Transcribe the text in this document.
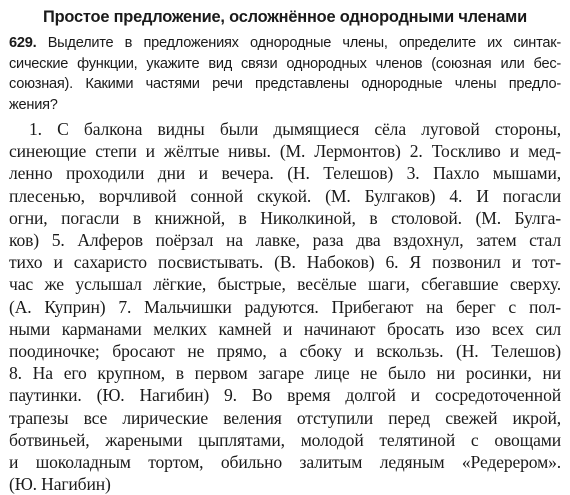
Простое предложение, осложнённое однородными членами
629. Выделите в предложениях однородные члены, определите их синтак-
сические функции, укажите вид связи однородных членов (союзная или бес-
союзная). Какими частями речи представлены однородные члены предло-
жения?
1. С балкона видны были дымящиеся сёла луговой стороны,
синеющие степи и жёлтые нивы. (М. Лермонтов) 2. Тоскливо и мед-
ленно проходили дни и вечера. (Н. Телешов) 3. Пахло мышами,
плесенью, ворчливой сонной скукой. (М. Булгаков) 4. И погасли
огни, погасли в книжной, в Николкиной, в столовой. (М. Булга-
ков) 5. Алферов поёрзал на лавке, раза два вздохнул, затем стал
тихо и сахаристо посвистывать. (В. Набоков) 6. Я позвонил и тот-
час же услышал лёгкие, быстрые, весёлые шаги, сбегавшие сверху.
(А. Куприн) 7. Мальчишки радуются. Прибегают на берег с пол-
ными карманами мелких камней и начинают бросать изо всех сил
поодиночке; бросают не прямо, а сбоку и вскользь. (Н. Телешов)
8. На его крупном, в первом загаре лице не было ни росинки, ни
паутинки. (Ю. Нагибин) 9. Во время долгой и сосредоточенной
трапезы все лирические веления отступили перед свежей икрой,
ботвиньей, жареными цыплятами, молодой телятиной с овощами
и шоколадным тортом, обильно залитым ледяным «Редерером».
(Ю. Нагибин)
